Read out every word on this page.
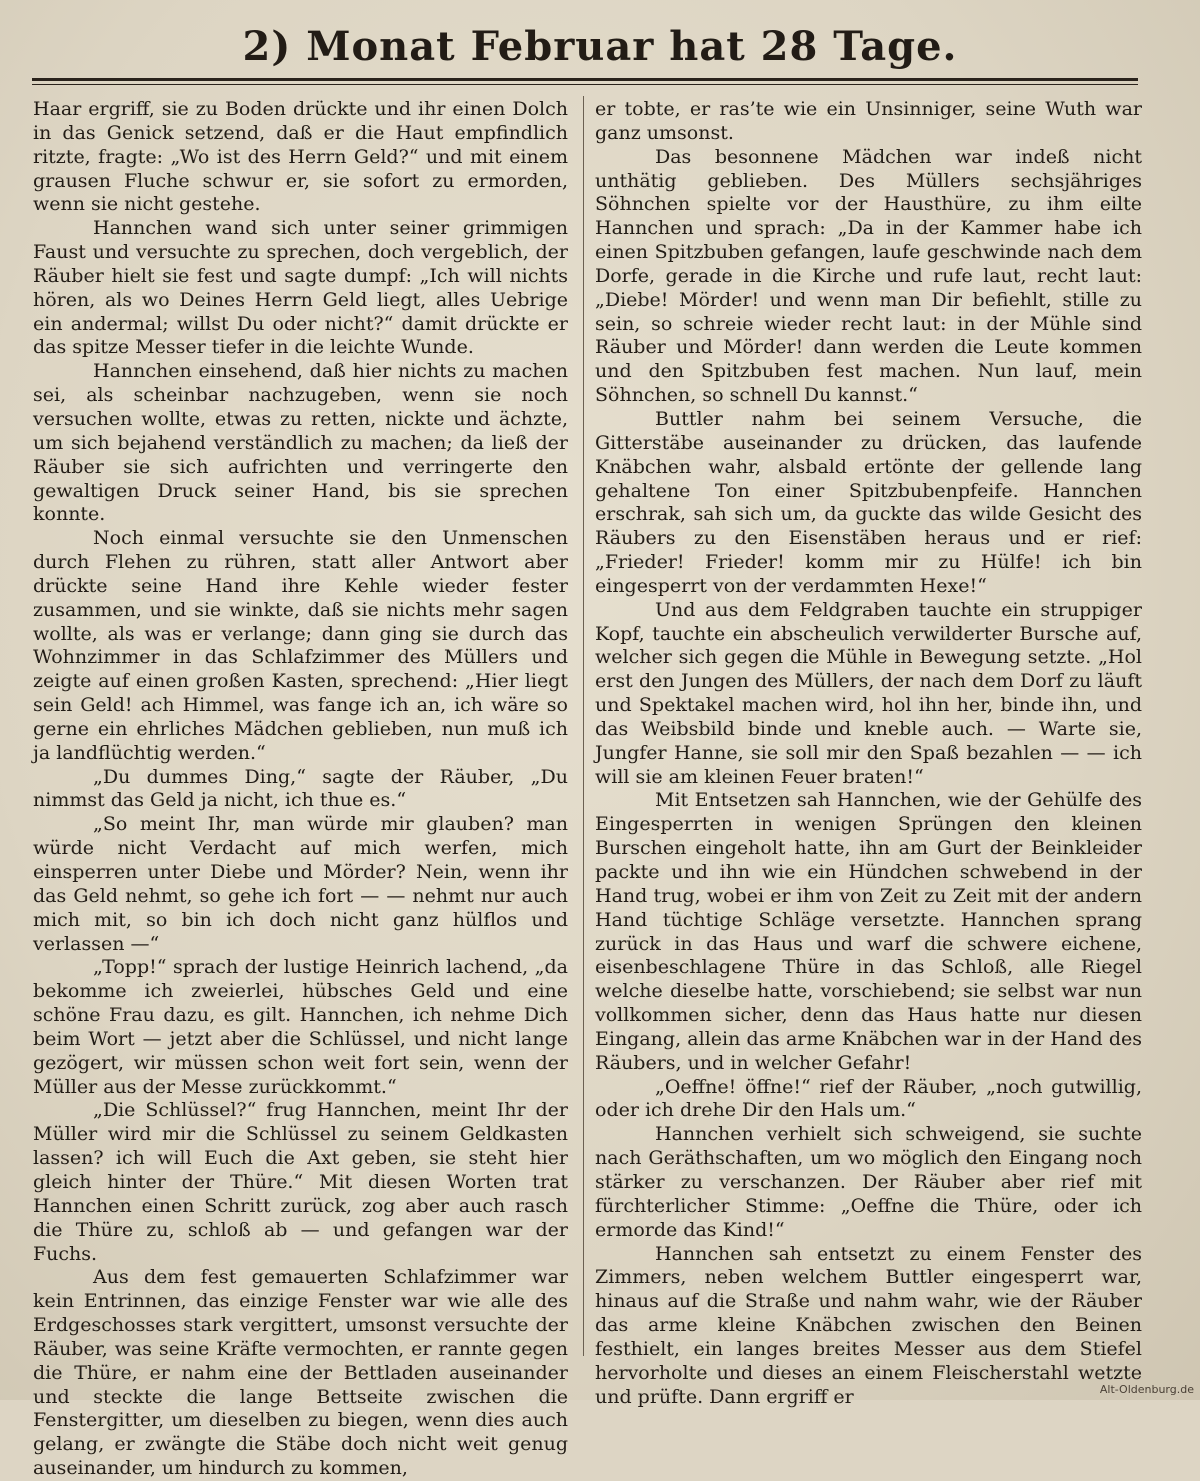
2) Monat Februar hat 28 Tage.

Haar ergriff, sie zu Boden drückte und ihr einen Dolch in das Genick setzend, daß er die Haut empfindlich ritzte, fragte: „Wo ist des Herrn Geld?“ und mit einem grausen Fluche schwur er, sie sofort zu ermorden, wenn sie nicht gestehe.

Hannchen wand sich unter seiner grimmigen Faust und versuchte zu sprechen, doch vergeblich, der Räuber hielt sie fest und sagte dumpf: „Ich will nichts hören, als wo Deines Herrn Geld liegt, alles Uebrige ein andermal; willst Du oder nicht?“ damit drückte er das spitze Messer tiefer in die leichte Wunde.

Hannchen einsehend, daß hier nichts zu machen sei, als scheinbar nachzugeben, wenn sie noch versuchen wollte, etwas zu retten, nickte und ächzte, um sich bejahend verständlich zu machen; da ließ der Räuber sie sich aufrichten und verringerte den gewaltigen Druck seiner Hand, bis sie sprechen konnte.

Noch einmal versuchte sie den Unmenschen durch Flehen zu rühren, statt aller Antwort aber drückte seine Hand ihre Kehle wieder fester zusammen, und sie winkte, daß sie nichts mehr sagen wollte, als was er verlange; dann ging sie durch das Wohnzimmer in das Schlafzimmer des Müllers und zeigte auf einen großen Kasten, sprechend: „Hier liegt sein Geld! ach Himmel, was fange ich an, ich wäre so gerne ein ehrliches Mädchen geblieben, nun muß ich ja landflüchtig werden.“

„Du dummes Ding,“ sagte der Räuber, „Du nimmst das Geld ja nicht, ich thue es.“

„So meint Ihr, man würde mir glauben? man würde nicht Verdacht auf mich werfen, mich einsperren unter Diebe und Mörder? Nein, wenn ihr das Geld nehmt, so gehe ich fort — — nehmt nur auch mich mit, so bin ich doch nicht ganz hülflos und verlassen —“

„Topp!“ sprach der lustige Heinrich lachend, „da bekomme ich zweierlei, hübsches Geld und eine schöne Frau dazu, es gilt. Hannchen, ich nehme Dich beim Wort — jetzt aber die Schlüssel, und nicht lange gezögert, wir müssen schon weit fort sein, wenn der Müller aus der Messe zurückkommt.“

„Die Schlüssel?“ frug Hannchen, meint Ihr der Müller wird mir die Schlüssel zu seinem Geldkasten lassen? ich will Euch die Axt geben, sie steht hier gleich hinter der Thüre.“ Mit diesen Worten trat Hannchen einen Schritt zurück, zog aber auch rasch die Thüre zu, schloß ab — und gefangen war der Fuchs.

Aus dem fest gemauerten Schlafzimmer war kein Entrinnen, das einzige Fenster war wie alle des Erdgeschosses stark vergittert, umsonst versuchte der Räuber, was seine Kräfte vermochten, er rannte gegen die Thüre, er nahm eine der Bettladen auseinander und steckte die lange Bettseite zwischen die Fenstergitter, um dieselben zu biegen, wenn dies auch gelang, er zwängte die Stäbe doch nicht weit genug auseinander, um hindurch zu kommen,

er tobte, er ras’te wie ein Unsinniger, seine Wuth war ganz umsonst.

Das besonnene Mädchen war indeß nicht unthätig geblieben. Des Müllers sechsjähriges Söhnchen spielte vor der Hausthüre, zu ihm eilte Hannchen und sprach: „Da in der Kammer habe ich einen Spitzbuben gefangen, laufe geschwinde nach dem Dorfe, gerade in die Kirche und rufe laut, recht laut: „Diebe! Mörder! und wenn man Dir befiehlt, stille zu sein, so schreie wieder recht laut: in der Mühle sind Räuber und Mörder! dann werden die Leute kommen und den Spitzbuben fest machen. Nun lauf, mein Söhnchen, so schnell Du kannst.“

Buttler nahm bei seinem Versuche, die Gitterstäbe auseinander zu drücken, das laufende Knäbchen wahr, alsbald ertönte der gellende lang gehaltene Ton einer Spitzbubenpfeife. Hannchen erschrak, sah sich um, da guckte das wilde Gesicht des Räubers zu den Eisenstäben heraus und er rief: „Frieder! Frieder! komm mir zu Hülfe! ich bin eingesperrt von der verdammten Hexe!“

Und aus dem Feldgraben tauchte ein struppiger Kopf, tauchte ein abscheulich verwilderter Bursche auf, welcher sich gegen die Mühle in Bewegung setzte. „Hol erst den Jungen des Müllers, der nach dem Dorf zu läuft und Spektakel machen wird, hol ihn her, binde ihn, und das Weibsbild binde und kneble auch. — Warte sie, Jungfer Hanne, sie soll mir den Spaß bezahlen — — ich will sie am kleinen Feuer braten!“

Mit Entsetzen sah Hannchen, wie der Gehülfe des Eingesperrten in wenigen Sprüngen den kleinen Burschen eingeholt hatte, ihn am Gurt der Beinkleider packte und ihn wie ein Hündchen schwebend in der Hand trug, wobei er ihm von Zeit zu Zeit mit der andern Hand tüchtige Schläge versetzte. Hannchen sprang zurück in das Haus und warf die schwere eichene, eisenbeschlagene Thüre in das Schloß, alle Riegel welche dieselbe hatte, vorschiebend; sie selbst war nun vollkommen sicher, denn das Haus hatte nur diesen Eingang, allein das arme Knäbchen war in der Hand des Räubers, und in welcher Gefahr!

„Oeffne! öffne!“ rief der Räuber, „noch gutwillig, oder ich drehe Dir den Hals um.“

Hannchen verhielt sich schweigend, sie suchte nach Geräthschaften, um wo möglich den Eingang noch stärker zu verschanzen. Der Räuber aber rief mit fürchterlicher Stimme: „Oeffne die Thüre, oder ich ermorde das Kind!“

Hannchen sah entsetzt zu einem Fenster des Zimmers, neben welchem Buttler eingesperrt war, hinaus auf die Straße und nahm wahr, wie der Räuber das arme kleine Knäbchen zwischen den Beinen festhielt, ein langes breites Messer aus dem Stiefel hervorholte und dieses an einem Fleischerstahl wetzte und prüfte. Dann ergriff er	Alt-Oldenburg.de
